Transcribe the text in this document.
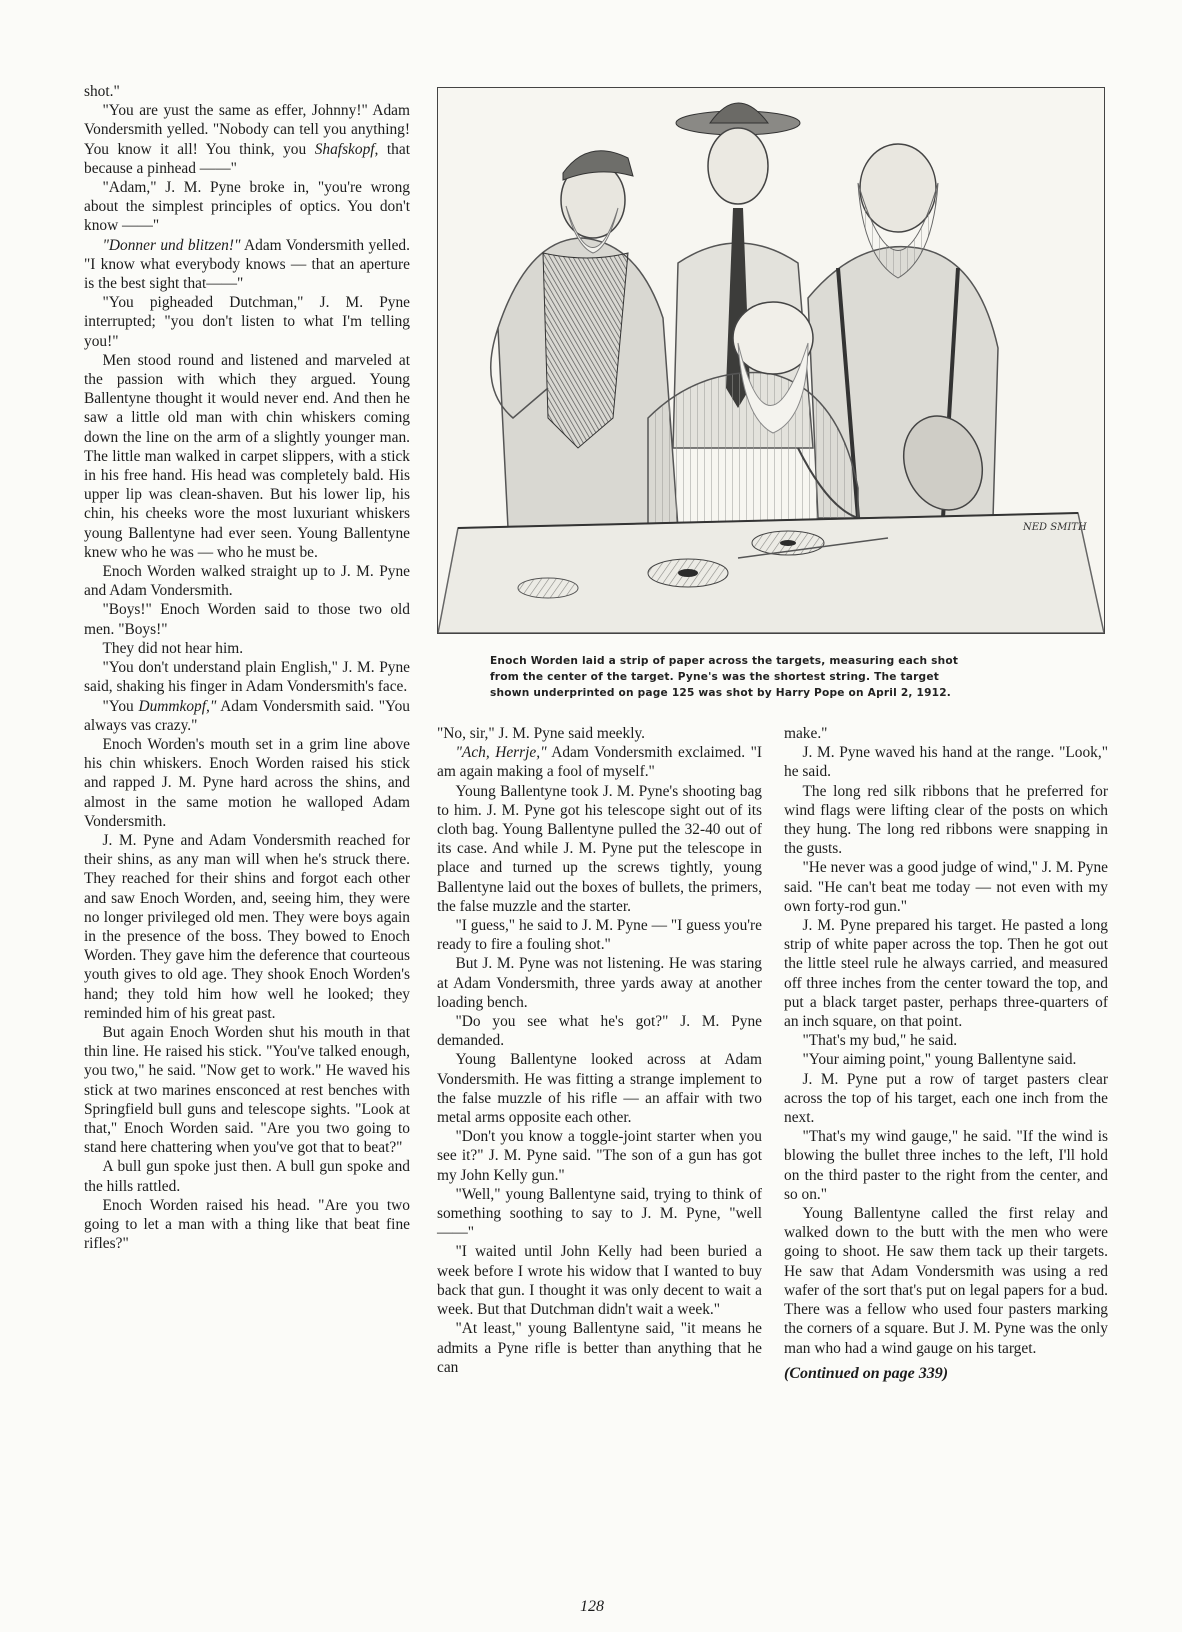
shot."

"You are yust the same as effer, Johnny!" Adam Vondersmith yelled. "Nobody can tell you anything! You know it all! You think, you Shafskopf, that because a pinhead ——"

"Adam," J. M. Pyne broke in, "you're wrong about the simplest principles of optics. You don't know ——"

"Donner und blitzen!" Adam Vondersmith yelled. "I know what everybody knows — that an aperture is the best sight that——"

"You pigheaded Dutchman," J. M. Pyne interrupted; "you don't listen to what I'm telling you!"

Men stood round and listened and marveled at the passion with which they argued. Young Ballentyne thought it would never end. And then he saw a little old man with chin whiskers coming down the line on the arm of a slightly younger man. The little man walked in carpet slippers, with a stick in his free hand. His head was completely bald. His upper lip was clean-shaven. But his lower lip, his chin, his cheeks wore the most luxuriant whiskers young Ballentyne had ever seen. Young Ballentyne knew who he was — who he must be.

Enoch Worden walked straight up to J. M. Pyne and Adam Vondersmith.

"Boys!" Enoch Worden said to those two old men. "Boys!"

They did not hear him.

"You don't understand plain English," J. M. Pyne said, shaking his finger in Adam Vondersmith's face.

"You Dummkopf," Adam Vondersmith said. "You always vas crazy."

Enoch Worden's mouth set in a grim line above his chin whiskers. Enoch Worden raised his stick and rapped J. M. Pyne hard across the shins, and almost in the same motion he walloped Adam Vondersmith.

J. M. Pyne and Adam Vondersmith reached for their shins, as any man will when he's struck there. They reached for their shins and forgot each other and saw Enoch Worden, and, seeing him, they were no longer privileged old men. They were boys again in the presence of the boss. They bowed to Enoch Worden. They gave him the deference that courteous youth gives to old age. They shook Enoch Worden's hand; they told him how well he looked; they reminded him of his great past.

But again Enoch Worden shut his mouth in that thin line. He raised his stick. "You've talked enough, you two," he said. "Now get to work." He waved his stick at two marines ensconced at rest benches with Springfield bull guns and telescope sights. "Look at that," Enoch Worden said. "Are you two going to stand here chattering when you've got that to beat?"

A bull gun spoke just then. A bull gun spoke and the hills rattled.

Enoch Worden raised his head. "Are you two going to let a man with a thing like that beat fine rifles?"

NED SMITH
Enoch Worden laid a strip of paper across the targets, measuring each shot
from the center of the target. Pyne's was the shortest string. The target
shown underprinted on page 125 was shot by Harry Pope on April 2, 1912.

"No, sir," J. M. Pyne said meekly.

"Ach, Herrje," Adam Vondersmith exclaimed. "I am again making a fool of myself."

Young Ballentyne took J. M. Pyne's shooting bag to him. J. M. Pyne got his telescope sight out of its cloth bag. Young Ballentyne pulled the 32-40 out of its case. And while J. M. Pyne put the telescope in place and turned up the screws tightly, young Ballentyne laid out the boxes of bullets, the primers, the false muzzle and the starter.

"I guess," he said to J. M. Pyne — "I guess you're ready to fire a fouling shot."

But J. M. Pyne was not listening. He was staring at Adam Vondersmith, three yards away at another loading bench.

"Do you see what he's got?" J. M. Pyne demanded.

Young Ballentyne looked across at Adam Vondersmith. He was fitting a strange implement to the false muzzle of his rifle — an affair with two metal arms opposite each other.

"Don't you know a toggle-joint starter when you see it?" J. M. Pyne said. "The son of a gun has got my John Kelly gun."

"Well," young Ballentyne said, trying to think of something soothing to say to J. M. Pyne, "well ——"

"I waited until John Kelly had been buried a week before I wrote his widow that I wanted to buy back that gun. I thought it was only decent to wait a week. But that Dutchman didn't wait a week."

"At least," young Ballentyne said, "it means he admits a Pyne rifle is better than anything that he can

make."

J. M. Pyne waved his hand at the range. "Look," he said.

The long red silk ribbons that he preferred for wind flags were lifting clear of the posts on which they hung. The long red ribbons were snapping in the gusts.

"He never was a good judge of wind," J. M. Pyne said. "He can't beat me today — not even with my own forty-rod gun."

J. M. Pyne prepared his target. He pasted a long strip of white paper across the top. Then he got out the little steel rule he always carried, and measured off three inches from the center toward the top, and put a black target paster, perhaps three-quarters of an inch square, on that point.

"That's my bud," he said.

"Your aiming point," young Ballentyne said.

J. M. Pyne put a row of target pasters clear across the top of his target, each one inch from the next.

"That's my wind gauge," he said. "If the wind is blowing the bullet three inches to the left, I'll hold on the third paster to the right from the center, and so on."

Young Ballentyne called the first relay and walked down to the butt with the men who were going to shoot. He saw them tack up their targets. He saw that Adam Vondersmith was using a red wafer of the sort that's put on legal papers for a bud. There was a fellow who used four pasters marking the corners of a square. But J. M. Pyne was the only man who had a wind gauge on his target.

(Continued on page 339)

128
